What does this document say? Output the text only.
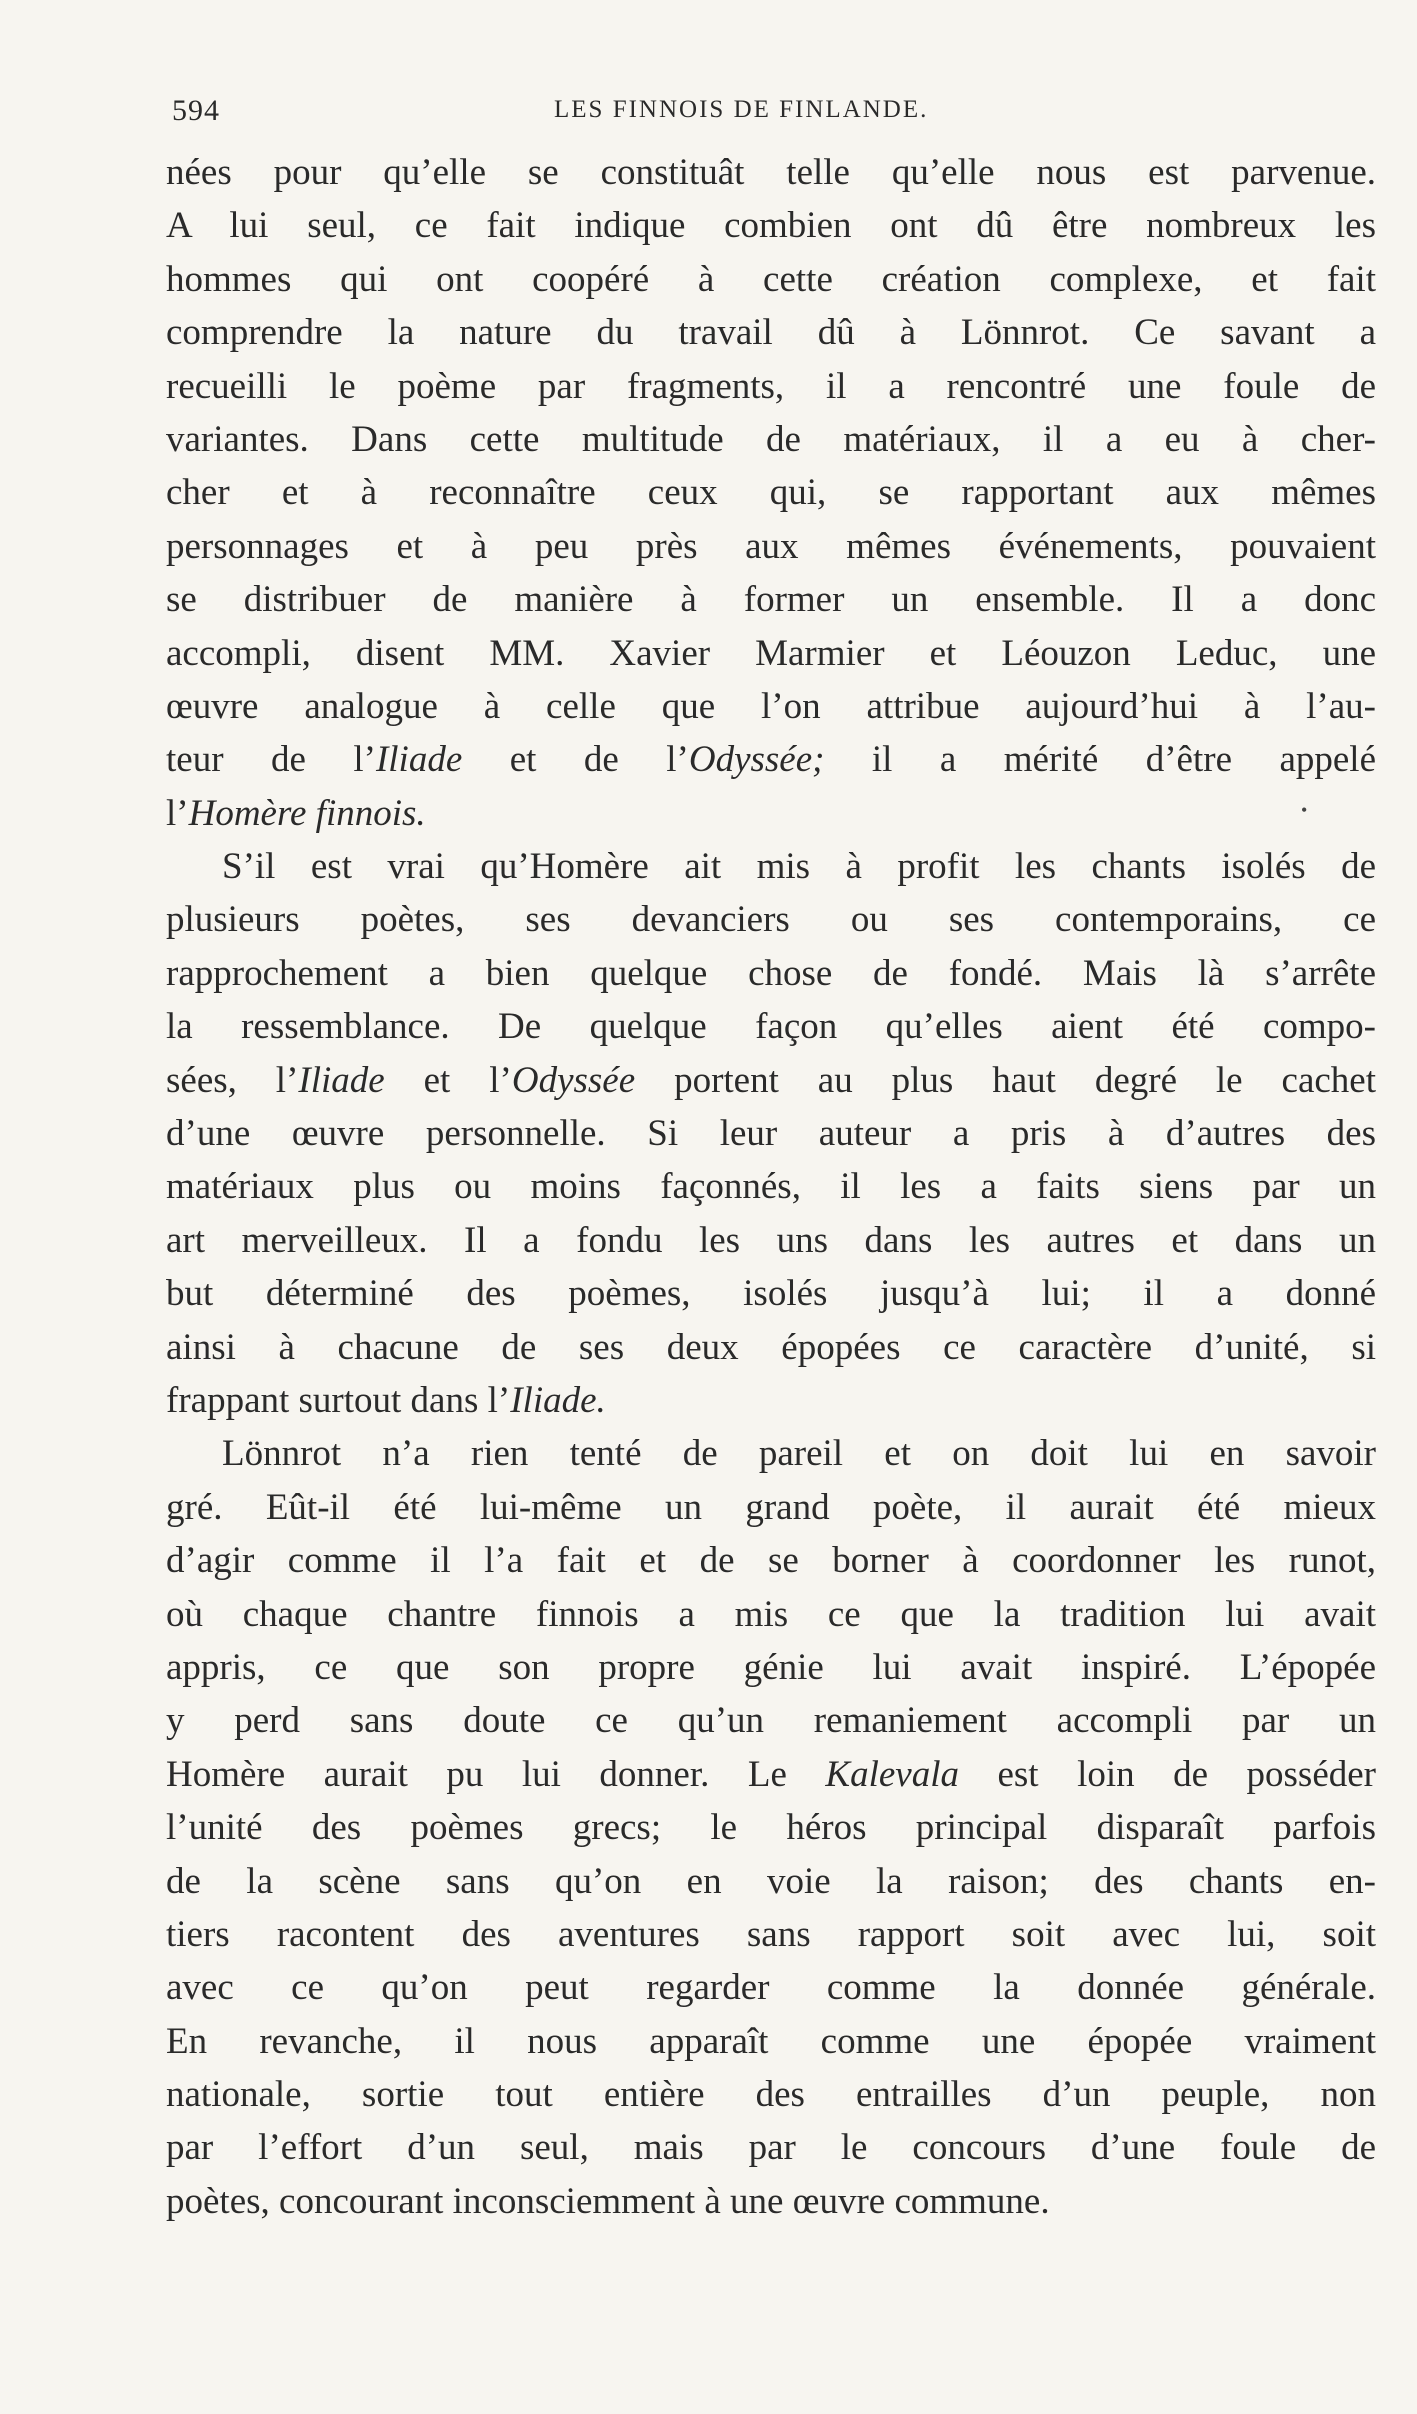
594	LES FINNOIS DE FINLANDE.
nées pour qu’elle se constituât telle qu’elle nous est parvenue.
A lui seul, ce fait indique combien ont dû être nombreux les
hommes qui ont coopéré à cette création complexe, et fait
comprendre la nature du travail dû à Lönnrot. Ce savant a
recueilli le poème par fragments, il a rencontré une foule de
variantes. Dans cette multitude de matériaux, il a eu à cher-
cher et à reconnaître ceux qui, se rapportant aux mêmes
personnages et à peu près aux mêmes événements, pouvaient
se distribuer de manière à former un ensemble. Il a donc
accompli, disent MM. Xavier Marmier et Léouzon Leduc, une
œuvre analogue à celle que l’on attribue aujourd’hui à l’au-
teur de l’Iliade et de l’Odyssée; il a mérité d’être appelé
l’Homère finnois.
S’il est vrai qu’Homère ait mis à profit les chants isolés de
plusieurs poètes, ses devanciers ou ses contemporains, ce
rapprochement a bien quelque chose de fondé. Mais là s’arrête
la ressemblance. De quelque façon qu’elles aient été compo-
sées, l’Iliade et l’Odyssée portent au plus haut degré le cachet
d’une œuvre personnelle. Si leur auteur a pris à d’autres des
matériaux plus ou moins façonnés, il les a faits siens par un
art merveilleux. Il a fondu les uns dans les autres et dans un
but déterminé des poèmes, isolés jusqu’à lui; il a donné
ainsi à chacune de ses deux épopées ce caractère d’unité, si
frappant surtout dans l’Iliade.
Lönnrot n’a rien tenté de pareil et on doit lui en savoir
gré. Eût-il été lui-même un grand poète, il aurait été mieux
d’agir comme il l’a fait et de se borner à coordonner les runot,
où chaque chantre finnois a mis ce que la tradition lui avait
appris, ce que son propre génie lui avait inspiré. L’épopée
y perd sans doute ce qu’un remaniement accompli par un
Homère aurait pu lui donner. Le Kalevala est loin de posséder
l’unité des poèmes grecs; le héros principal disparaît parfois
de la scène sans qu’on en voie la raison; des chants en-
tiers racontent des aventures sans rapport soit avec lui, soit
avec ce qu’on peut regarder comme la donnée générale.
En revanche, il nous apparaît comme une épopée vraiment
nationale, sortie tout entière des entrailles d’un peuple, non
par l’effort d’un seul, mais par le concours d’une foule de
poètes, concourant inconsciemment à une œuvre commune.
•
